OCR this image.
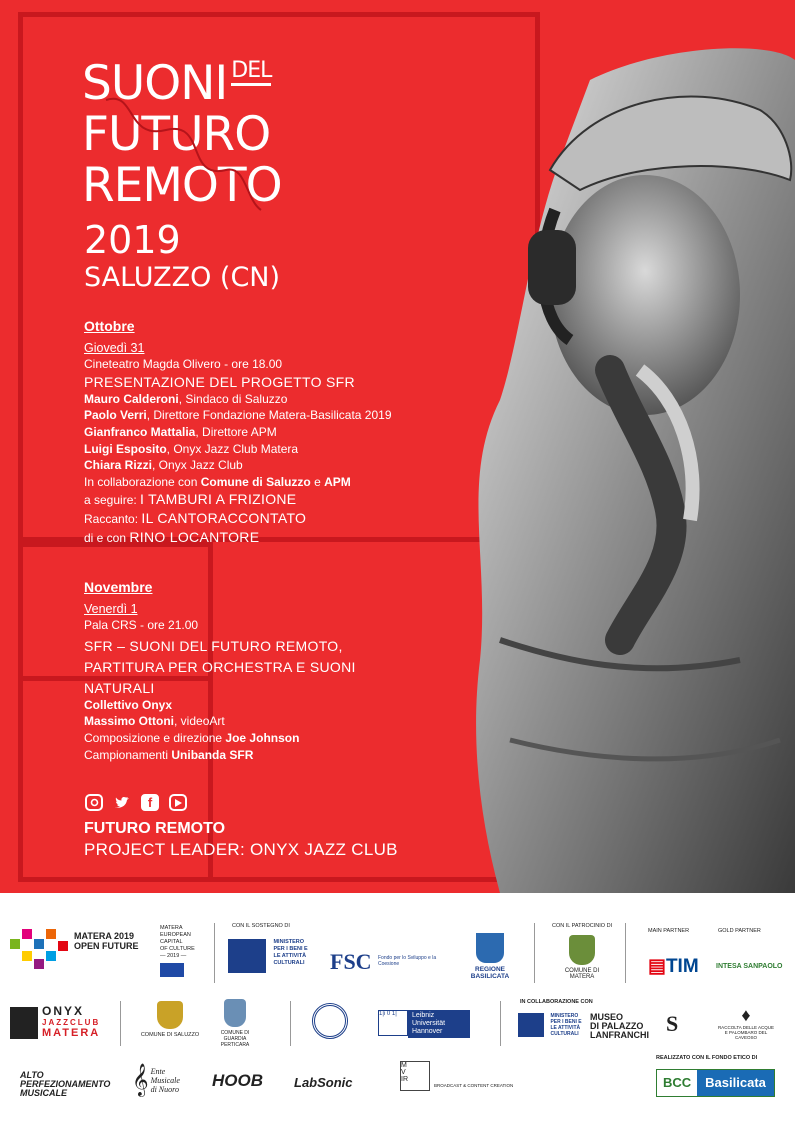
SUONI $^{DEL}$
FUTURO
REMOTO
2019
SALUZZO (CN)
Ottobre
Giovedì 31
Cineteatro Magda Olivero - ore 18.00
PRESENTAZIONE DEL PROGETTO SFR
Mauro Calderoni, Sindaco di Saluzzo
Paolo Verri, Direttore Fondazione Matera-Basilicata 2019
Gianfranco Mattalia, Direttore APM
Luigi Esposito, Onyx Jazz Club Matera
Chiara Rizzi, Onyx Jazz Club
In collaborazione con Comune di Saluzzo e APM
a seguire: I TAMBURI A FRIZIONE
Raccanto: IL CANTORACCONTATO
di e con RINO LOCANTORE
Novembre
Venerdì 1
Pala CRS - ore 21.00
SFR – SUONI DEL FUTURO REMOTO,
PARTITURA PER ORCHESTRA E SUONI
NATURALI
Collettivo Onyx
Massimo Ottoni, videoArt
Composizione e direzione Joe Johnson
Campionamenti Unibanda SFR
f
FUTURO REMOTO
PROJECT LEADER: ONYX JAZZ CLUB
MATERA 2019
OPEN FUTURE
MATERA
EUROPEAN
CAPITAL
OF CULTURE
— 2019 —
CON IL SOSTEGNO DI

MINISTERO
PER I BENI E
LE ATTIVITÀ
CULTURALI FSC Fondo per lo Sviluppo e la Coesione
REGIONE BASILICATA
CON IL PATROCINIO DI
COMUNE DI MATERA
MAIN PARTNER	GOLD PARTNER
▤TIM INTESA SANPAOLO
ONYX
JAZZCLUB
MATERA	COMUNE DI SALUZZO	COMUNE DI GUARDIA PERTICARA
1|i 0 1|	Leibniz
Universität
Hannover
IN COLLABORAZIONE CON

MINISTERO
PER I BENI E
LE ATTIVITÀ
CULTURALI
MUSEO
DI PALAZZO
LANFRANCHI S	♦
RACCOLTA DELLE ACQUE E PALOMBARO DEL CAVEOSO
REALIZZATO CON IL FONDO ETICO DI
BCC	Basilicata
ALTO
PERFEZIONAMENTO
MUSICALE	𝄞 Ente
Musicale
di Nuoro HOOB LabSonic
M
V
IR
BROADCAST & CONTENT CREATION
